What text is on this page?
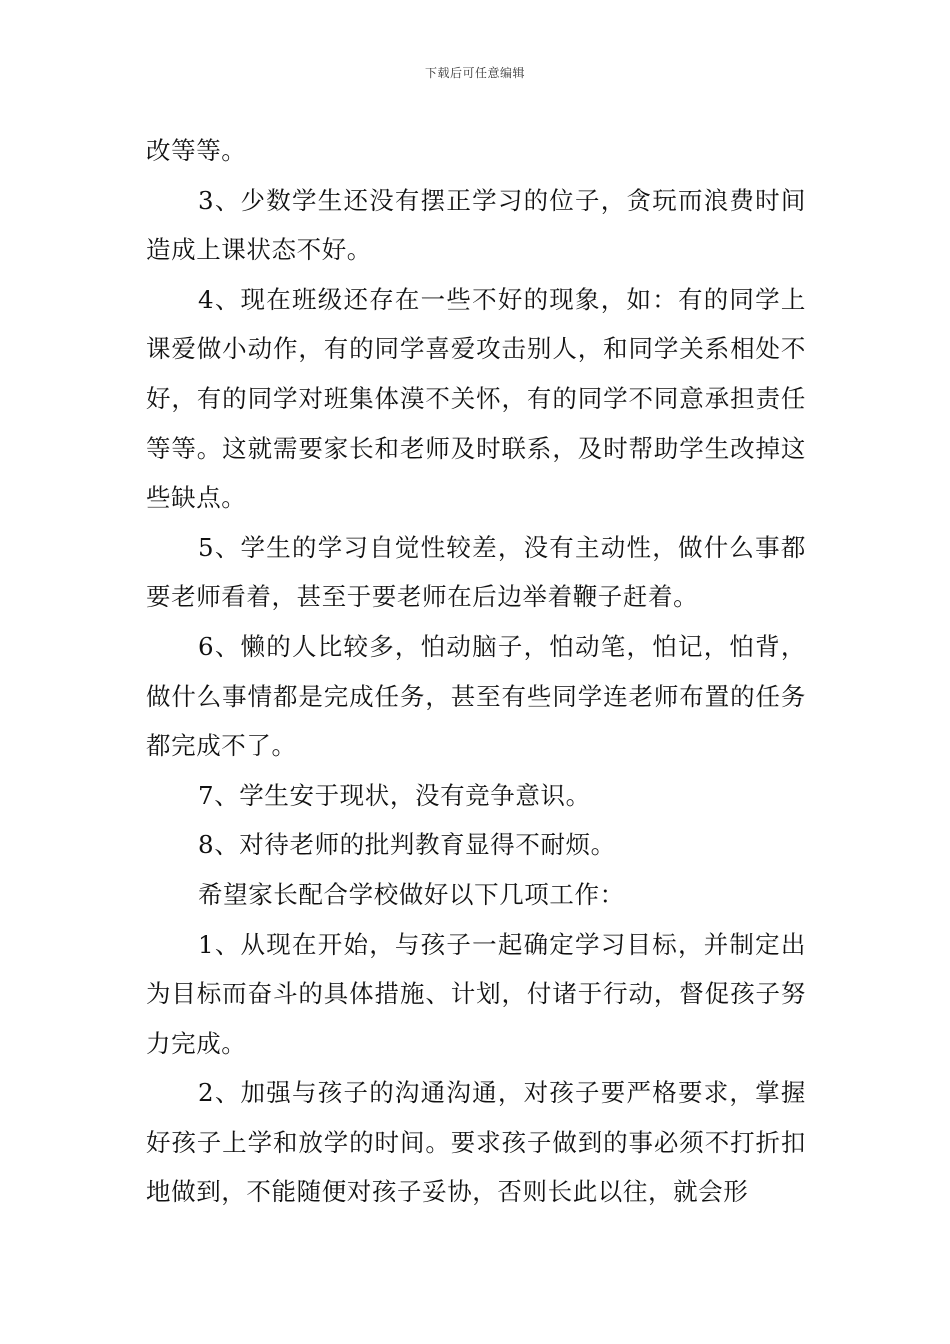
下载后可任意编辑

改等等。

3、少数学生还没有摆正学习的位子，贪玩而浪费时间造成上课状态不好。

4、现在班级还存在一些不好的现象，如：有的同学上课爱做小动作，有的同学喜爱攻击别人，和同学关系相处不好，有的同学对班集体漠不关怀，有的同学不同意承担责任等等。这就需要家长和老师及时联系，及时帮助学生改掉这些缺点。

5、学生的学习自觉性较差，没有主动性，做什么事都要老师看着，甚至于要老师在后边举着鞭子赶着。

6、懒的人比较多，怕动脑子，怕动笔，怕记，怕背，做什么事情都是完成任务，甚至有些同学连老师布置的任务都完成不了。

7、学生安于现状，没有竞争意识。

8、对待老师的批判教育显得不耐烦。

希望家长配合学校做好以下几项工作：

1、从现在开始，与孩子一起确定学习目标，并制定出为目标而奋斗的具体措施、计划，付诸于行动，督促孩子努力完成。

2、加强与孩子的沟通沟通，对孩子要严格要求，掌握好孩子上学和放学的时间。要求孩子做到的事必须不打折扣地做到，不能随便对孩子妥协，否则长此以往，就会形
